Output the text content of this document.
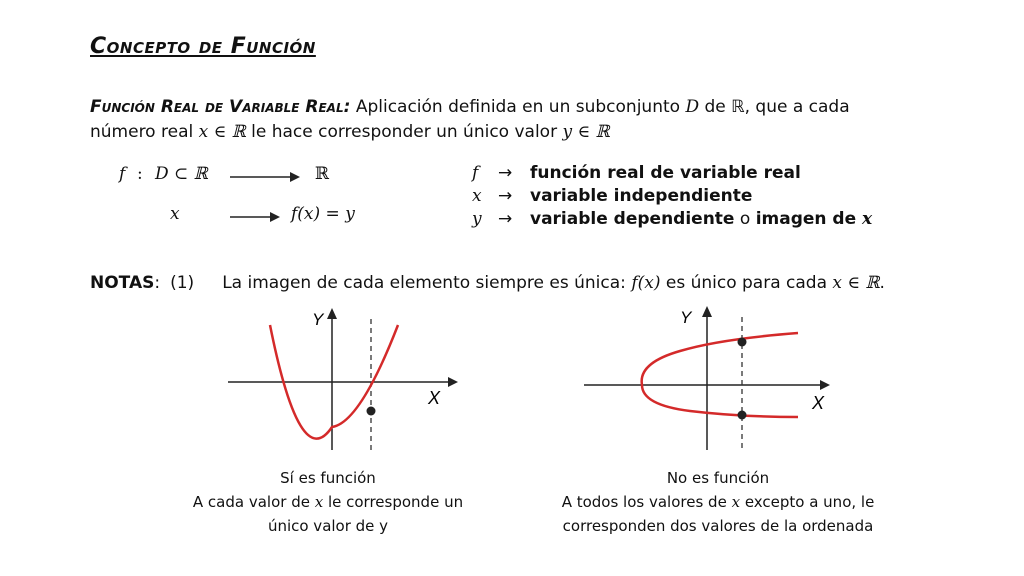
Concepto de Función
Función Real de Variable Real: Aplicación definida en un subconjunto D de ℝ, que a cada número real x ∈ ℝ le hace corresponder un único valor y ∈ ℝ
f : D ⊂ ℝ	ℝ
x	f(x) = y
f → función real de variable real
x → variable independiente
y → variable dependiente o imagen de x
NOTAS: (1) La imagen de cada elemento siempre es única: f(x) es único para cada x ∈ ℝ.
Y
X
Sí es función
A cada valor de x le corresponde un
único valor de y
Y
X
No es función
A todos los valores de x excepto a uno, le
corresponden dos valores de la ordenada
